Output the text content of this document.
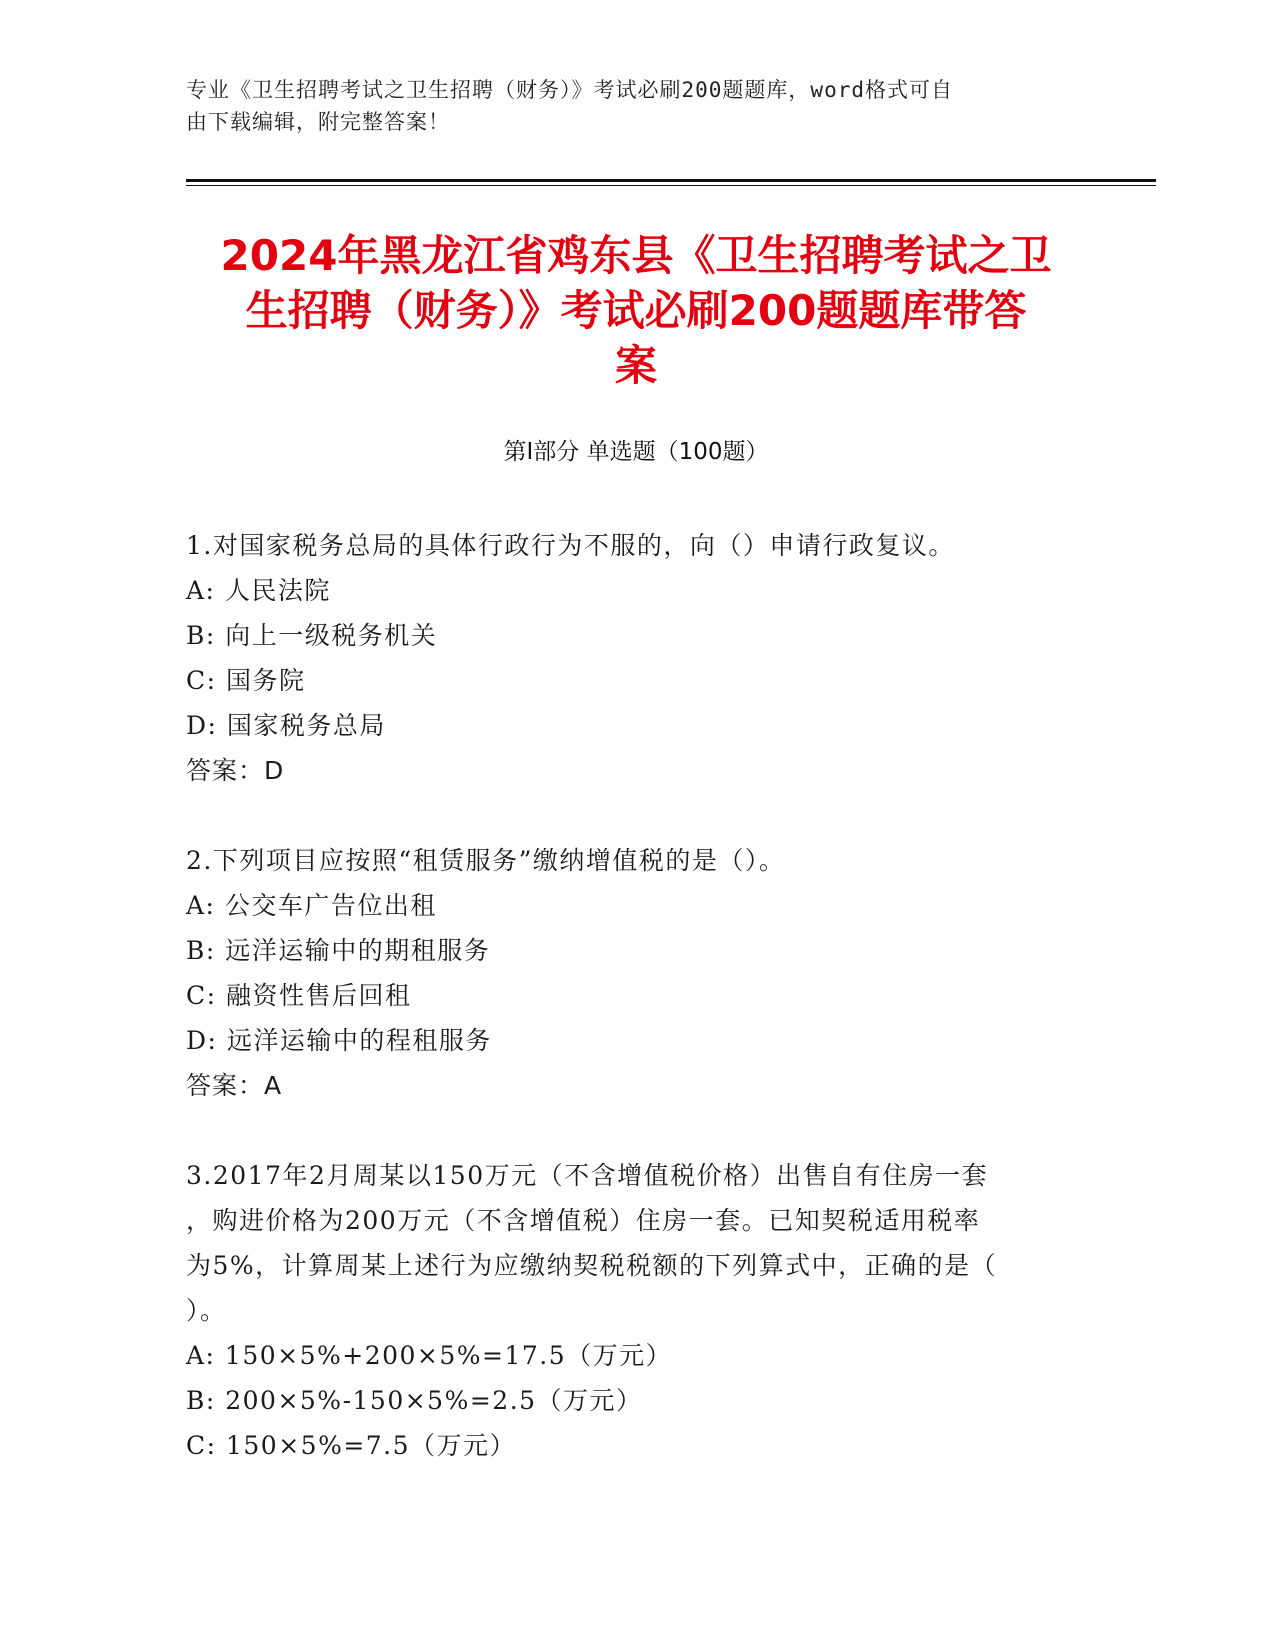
专业《卫生招聘考试之卫生招聘（财务）》考试必刷200题题库，word格式可自
由下载编辑，附完整答案！
2024年黑龙江省鸡东县《卫生招聘考试之卫
生招聘（财务）》考试必刷200题题库带答
案
第Ⅰ部分 单选题（100题）
1.对国家税务总局的具体行政行为不服的，向（）申请行政复议。
A: 人民法院
B: 向上一级税务机关
C: 国务院
D: 国家税务总局
答案：D
2.下列项目应按照“租赁服务”缴纳增值税的是（）。
A: 公交车广告位出租
B: 远洋运输中的期租服务
C: 融资性售后回租
D: 远洋运输中的程租服务
答案：A
3.2017年2月周某以150万元（不含增值税价格）出售自有住房一套
，购进价格为200万元（不含增值税）住房一套。已知契税适用税率
为5%，计算周某上述行为应缴纳契税税额的下列算式中，正确的是（
）。
A: 150×5%+200×5%=17.5（万元）
B: 200×5%-150×5%=2.5（万元）
C: 150×5%=7.5（万元）
